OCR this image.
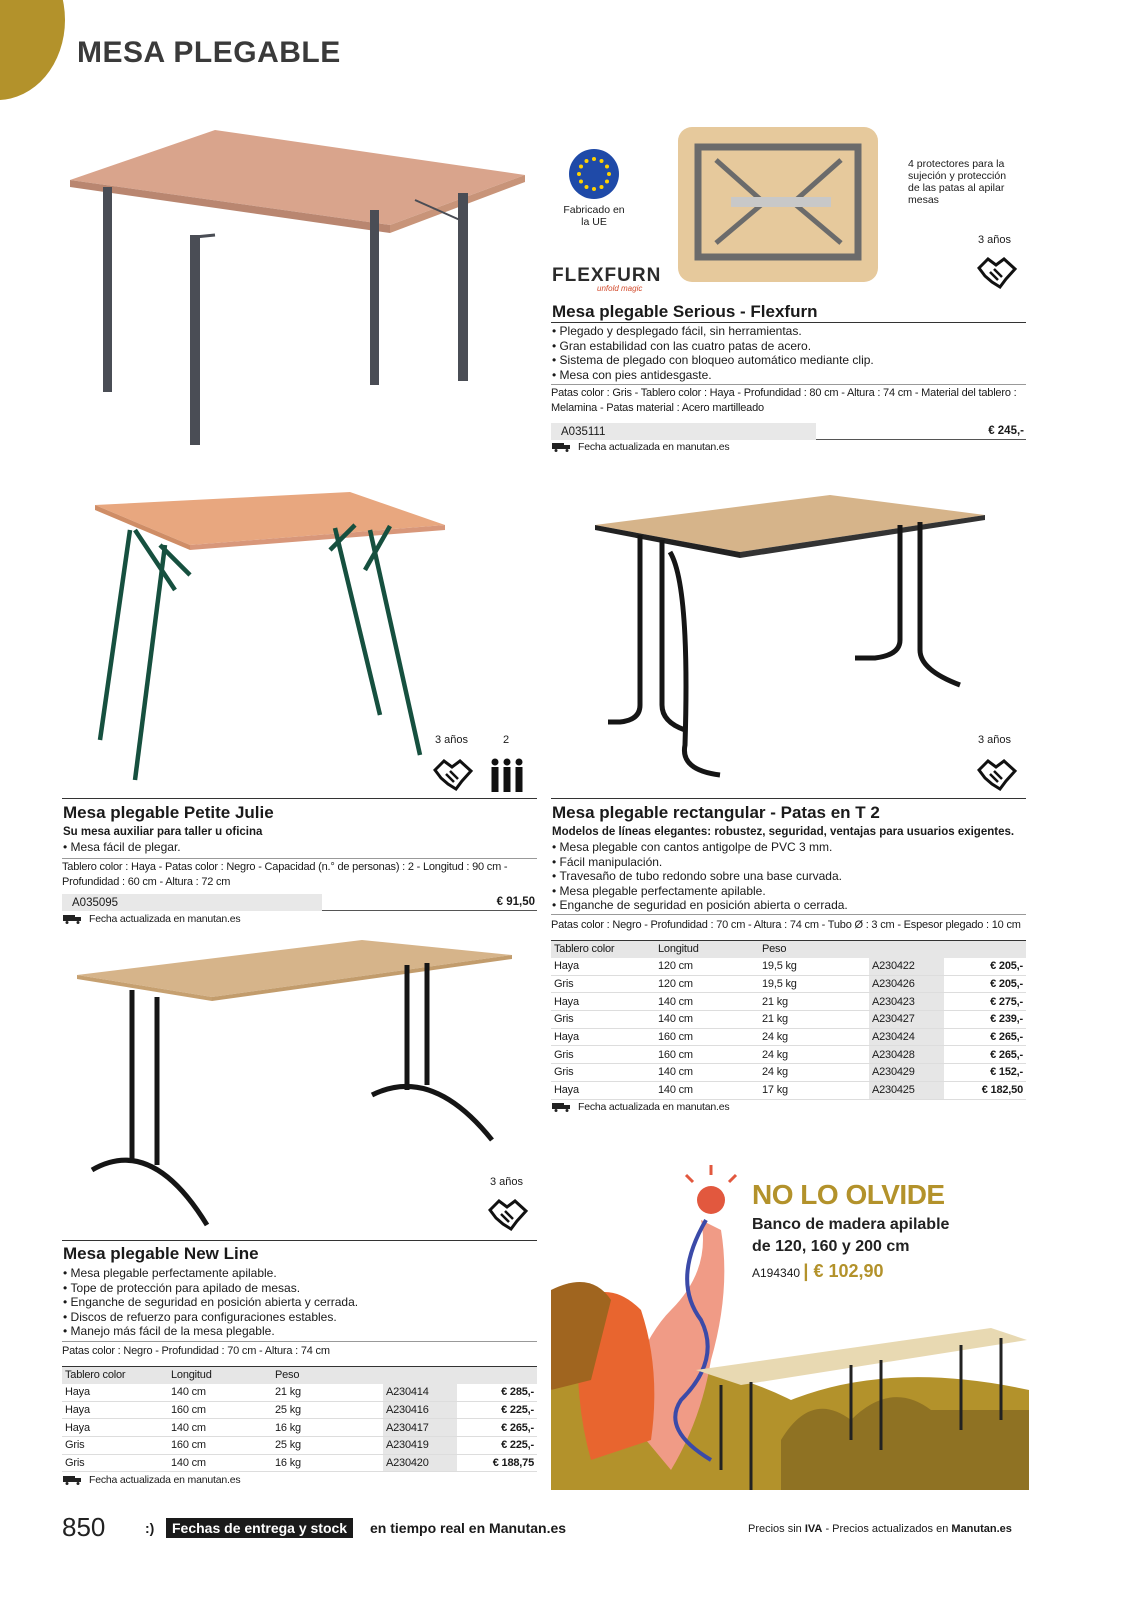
MESA PLEGABLE
Fabricado en la UE
4 protectores para la sujeción y protección de las patas al apilar mesas
3 años
FLEXFURN
unfold magic
Mesa plegable Serious - Flexfurn
• Plegado y desplegado fácil, sin herramientas.
• Gran estabilidad con las cuatro patas de acero.
• Sistema de plegado con bloqueo automático mediante clip.
• Mesa con pies antidesgaste.
Patas color : Gris - Tablero color : Haya - Profundidad : 80 cm - Altura : 74 cm - Material del tablero : Melamina - Patas material : Acero martilleado
A035111	€ 245,-
Fecha actualizada en manutan.es
3 años	2
Mesa plegable Petite Julie
Su mesa auxiliar para taller u oficina
• Mesa fácil de plegar.
Tablero color : Haya - Patas color : Negro - Capacidad (n.° de personas) : 2 - Longitud : 90 cm - Profundidad : 60 cm - Altura : 72 cm
A035095	€ 91,50
Fecha actualizada en manutan.es
3 años
Mesa plegable rectangular - Patas en T 2
Modelos de líneas elegantes: robustez, seguridad, ventajas para usuarios exigentes.
• Mesa plegable con cantos antigolpe de PVC 3 mm.
• Fácil manipulación.
• Travesaño de tubo redondo sobre una base curvada.
• Mesa plegable perfectamente apilable.
• Enganche de seguridad en posición abierta o cerrada.
Patas color : Negro - Profundidad : 70 cm - Altura : 74 cm - Tubo Ø : 3 cm - Espesor plegado : 10 cm
Tablero color	Longitud	Peso		
Haya	120 cm	19,5 kg	A230422	€ 205,-
Gris	120 cm	19,5 kg	A230426	€ 205,-
Haya	140 cm	21 kg	A230423	€ 275,-
Gris	140 cm	21 kg	A230427	€ 239,-
Haya	160 cm	24 kg	A230424	€ 265,-
Gris	160 cm	24 kg	A230428	€ 265,-
Gris	140 cm	24 kg	A230429	€ 152,-
Haya	140 cm	17 kg	A230425	€ 182,50
Fecha actualizada en manutan.es
3 años
Mesa plegable New Line
• Mesa plegable perfectamente apilable.
• Tope de protección para apilado de mesas.
• Enganche de seguridad en posición abierta y cerrada.
• Discos de refuerzo para configuraciones estables.
• Manejo más fácil de la mesa plegable.
Patas color : Negro - Profundidad : 70 cm - Altura : 74 cm
Tablero color	Longitud	Peso		
Haya	140 cm	21 kg	A230414	€ 285,-
Haya	160 cm	25 kg	A230416	€ 225,-
Haya	140 cm	16 kg	A230417	€ 265,-
Gris	160 cm	25 kg	A230419	€ 225,-
Gris	140 cm	16 kg	A230420	€ 188,75
Fecha actualizada en manutan.es
NO LO OLVIDE
Banco de madera apilable
de 120, 160 y 200 cm
A194340 | € 102,90
850	:)	Fechas de entrega y stock	en tiempo real en Manutan.es	Precios sin IVA - Precios actualizados en Manutan.es
